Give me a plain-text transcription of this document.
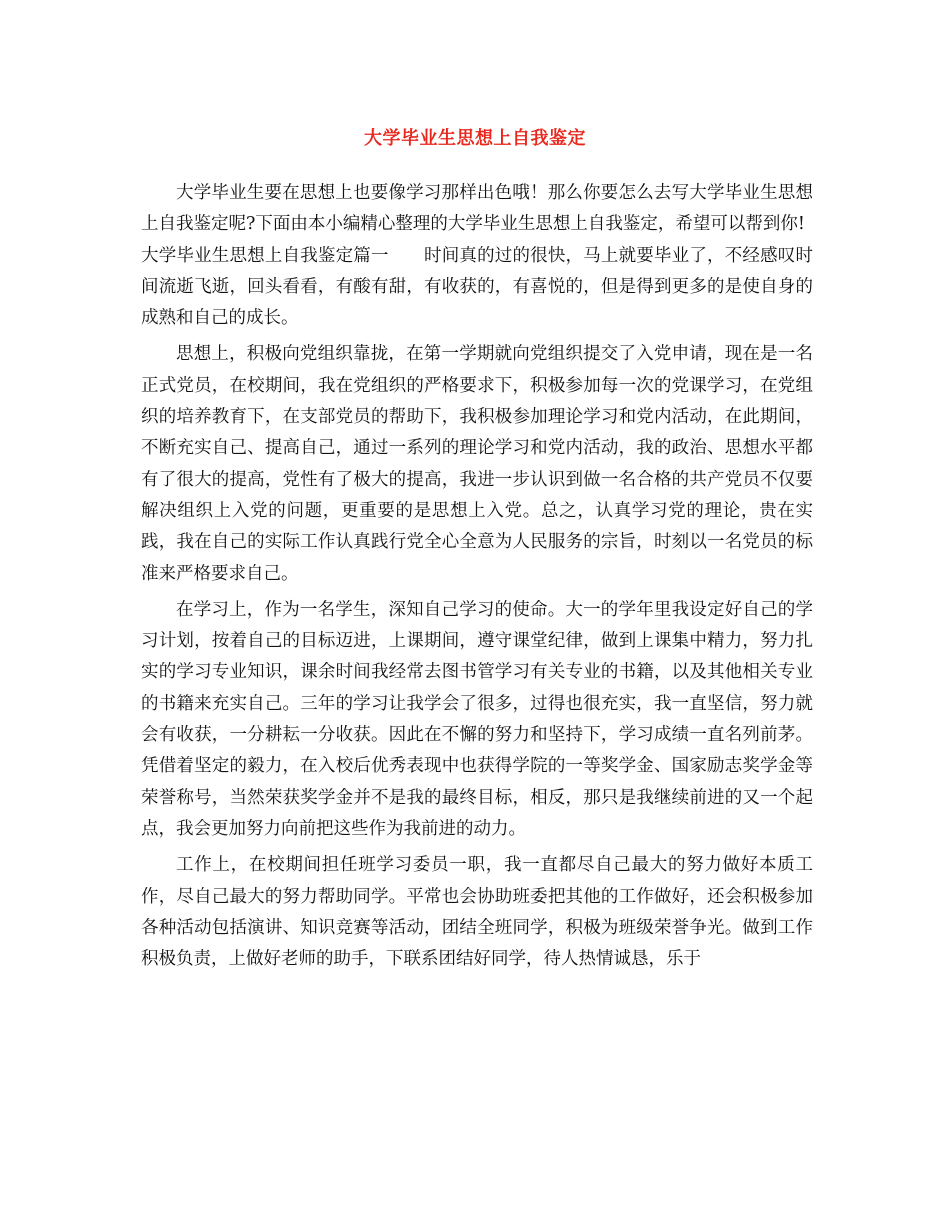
大学毕业生思想上自我鉴定

大学毕业生要在思想上也要像学习那样出色哦！那么你要怎么去写大学毕业生思想上自我鉴定呢?下面由本小编精心整理的大学毕业生思想上自我鉴定，希望可以帮到你!

大学毕业生思想上自我鉴定篇一　　时间真的过的很快，马上就要毕业了，不经感叹时间流逝飞逝，回头看看，有酸有甜，有收获的，有喜悦的，但是得到更多的是使自身的成熟和自己的成长。

思想上，积极向党组织靠拢，在第一学期就向党组织提交了入党申请，现在是一名正式党员，在校期间，我在党组织的严格要求下，积极参加每一次的党课学习，在党组织的培养教育下，在支部党员的帮助下，我积极参加理论学习和党内活动，在此期间，不断充实自己、提高自己，通过一系列的理论学习和党内活动，我的政治、思想水平都有了很大的提高，党性有了极大的提高，我进一步认识到做一名合格的共产党员不仅要解决组织上入党的问题，更重要的是思想上入党。总之，认真学习党的理论，贵在实践，我在自己的实际工作认真践行党全心全意为人民服务的宗旨，时刻以一名党员的标准来严格要求自己。

在学习上，作为一名学生，深知自己学习的使命。大一的学年里我设定好自己的学习计划，按着自己的目标迈进，上课期间，遵守课堂纪律，做到上课集中精力，努力扎实的学习专业知识，课余时间我经常去图书管学习有关专业的书籍，以及其他相关专业的书籍来充实自己。三年的学习让我学会了很多，过得也很充实，我一直坚信，努力就会有收获，一分耕耘一分收获。因此在不懈的努力和坚持下，学习成绩一直名列前茅。凭借着坚定的毅力，在入校后优秀表现中也获得学院的一等奖学金、国家励志奖学金等荣誉称号，当然荣获奖学金并不是我的最终目标，相反，那只是我继续前进的又一个起点，我会更加努力向前把这些作为我前进的动力。

工作上，在校期间担任班学习委员一职，我一直都尽自己最大的努力做好本质工作，尽自己最大的努力帮助同学。平常也会协助班委把其他的工作做好，还会积极参加各种活动包括演讲、知识竞赛等活动，团结全班同学，积极为班级荣誉争光。做到工作积极负责，上做好老师的助手，下联系团结好同学，待人热情诚恳，乐于
